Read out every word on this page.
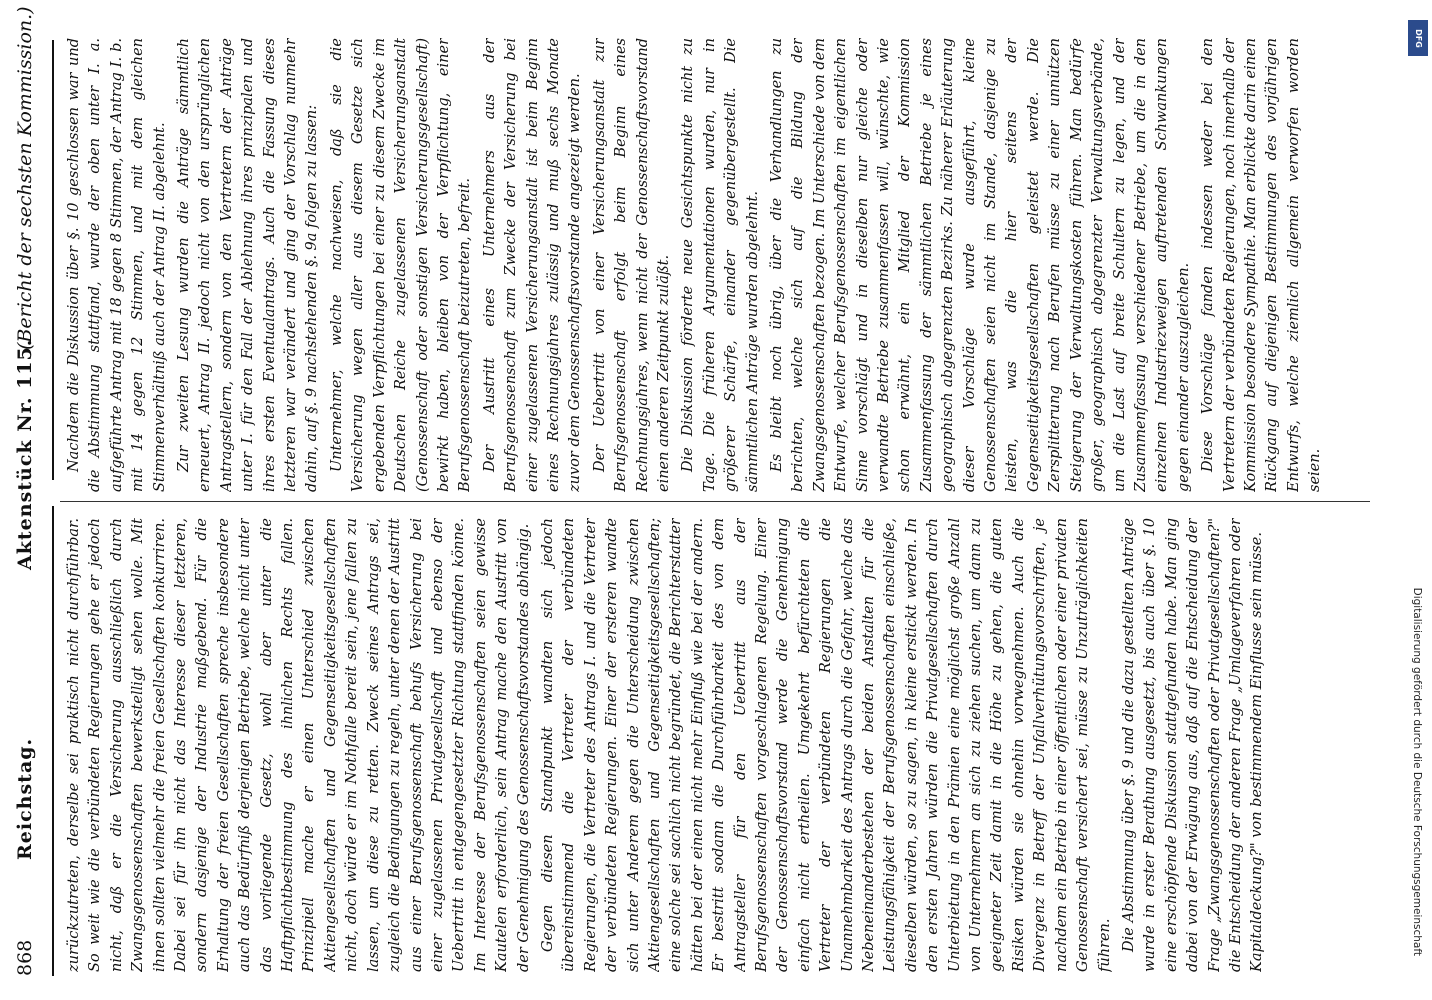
868
Reichstag.
Aktenstück Nr. 115.
(Bericht der sechsten Kommission.)

zurückzutreten, derselbe sei praktisch nicht durchführbar. So weit wie die verbündeten Regierungen gehe er jedoch nicht, daß er die Versicherung ausschließlich durch Zwangsgenossenschaften bewerkstelligt sehen wolle. Mit ihnen sollten vielmehr die freien Gesellschaften konkurriren. Dabei sei für ihn nicht das Interesse dieser letzteren, sondern dasjenige der Industrie maßgebend. Für die Erhaltung der freien Gesellschaften spreche insbesondere auch das Bedürfniß derjenigen Betriebe, welche nicht unter das vorliegende Gesetz, wohl aber unter die Haftpflichtbestimmung des ihnlichen Rechts fallen. Prinzipiell mache er einen Unterschied zwischen Aktiengesellschaften und Gegenseitigkeitsgesellschaften nicht, doch würde er im Nothfalle bereit sein, jene fallen zu lassen, um diese zu retten. Zweck seines Antrags sei, zugleich die Bedingungen zu regeln, unter denen der Austritt aus einer Berufsgenossenschaft behufs Versicherung bei einer zugelassenen Privatgesellschaft und ebenso der Uebertritt in entgegengesetzter Richtung stattfinden könne. Im Interesse der Berufsgenossenschaften seien gewisse Kautelen erforderlich, sein Antrag mache den Austritt von der Genehmigung des Genossenschaftsvorstandes abhängig. Gegen diesen Standpunkt wandten sich jedoch übereinstimmend die Vertreter der verbündeten Regierungen, die Vertreter des Antrags I. und die Vertreter der verbündeten Regierungen. Einer der ersteren wandte sich unter Anderem gegen die Unterscheidung zwischen Aktiengesellschaften und Gegenseitigkeitsgesellschaften; eine solche sei sachlich nicht begründet, die Berichterstatter hätten bei der einen nicht mehr Einfluß wie bei der andern. Er bestritt sodann die Durchführbarkeit des von dem Antragsteller für den Uebertritt aus der Berufsgenossenschaften vorgeschlagenen Regelung. Einer der Genossenschaftsvorstand werde die Genehmigung einfach nicht ertheilen. Umgekehrt befürchteten die Vertreter der verbündeten Regierungen die Unannehmbarkeit des Antrags durch die Gefahr, welche das Nebeneinanderbestehen der beiden Anstalten für die Leistungsfähigkeit der Berufsgenossenschaften einschließe, dieselben würden, so zu sagen, in kleine erstickt werden. In den ersten Jahren würden die Privatgesellschaften durch Unterbietung in den Prämien eine möglichst große Anzahl von Unternehmern an sich zu ziehen suchen, um dann zu geeigneter Zeit damit in die Höhe zu gehen, die guten Risiken würden sie ohnehin vorwegnehmen. Auch die Divergenz in Betreff der Unfallverhütungsvorschriften, je nachdem ein Betrieb in einer öffentlichen oder einer privaten Genossenschaft versichert sei, müsse zu Unzuträglichkeiten führen. Die Abstimmung über §. 9 und die dazu gestellten Anträge wurde in erster Berathung ausgesetzt, bis auch über §. 10 eine erschöpfende Diskussion stattgefunden habe. Man ging dabei von der Erwägung aus, daß auf die Entscheidung der Frage „Zwangsgenossenschaften oder Privatgesellschaften?" die Entscheidung der anderen Frage „Umlageverfahren oder Kapitaldeckung?" von bestimmendem Einflusse sein müsse.

Nachdem die Diskussion über §. 10 geschlossen war und die Abstimmung stattfand, wurde der oben unter I. a. aufgeführte Antrag mit 18 gegen 8 Stimmen, der Antrag I. b. mit 14 gegen 12 Stimmen, und mit dem gleichen Stimmenverhältniß auch der Antrag II. abgelehnt. Zur zweiten Lesung wurden die Anträge sämmtlich erneuert, Antrag II. jedoch nicht von den ursprünglichen Antragstellern, sondern von den Vertretern der Anträge unter I. für den Fall der Ablehnung ihres prinzipalen und ihres ersten Eventualantrags. Auch die Fassung dieses letzteren war verändert und ging der Vorschlag nunmehr dahin, auf §. 9 nachstehenden §. 9a folgen zu lassen: Unternehmer, welche nachweisen, daß sie die Versicherung wegen aller aus diesem Gesetze sich ergebenden Verpflichtungen bei einer zu diesem Zwecke im Deutschen Reiche zugelassenen Versicherungsanstalt (Genossenschaft oder sonstigen Versicherungsgesellschaft) bewirkt haben, bleiben von der Verpflichtung, einer Berufsgenossenschaft beizutreten, befreit. Der Austritt eines Unternehmers aus der Berufsgenossenschaft zum Zwecke der Versicherung bei einer zugelassenen Versicherungsanstalt ist beim Beginn eines Rechnungsjahres zulässig und muß sechs Monate zuvor dem Genossenschaftsvorstande angezeigt werden. Der Uebertritt von einer Versicherungsanstalt zur Berufsgenossenschaft erfolgt beim Beginn eines Rechnungsjahres, wenn nicht der Genossenschaftsvorstand einen anderen Zeitpunkt zuläßt. Die Diskussion förderte neue Gesichtspunkte nicht zu Tage. Die früheren Argumentationen wurden, nur in größerer Schärfe, einander gegenübergestellt. Die sämmtlichen Anträge wurden abgelehnt. Es bleibt noch übrig, über die Verhandlungen zu berichten, welche sich auf die Bildung der Zwangsgenossenschaften bezogen. Im Unterschiede von dem Entwurfe, welcher Berufsgenossenschaften im eigentlichen Sinne vorschlägt und in dieselben nur gleiche oder verwandte Betriebe zusammenfassen will, wünschte, wie schon erwähnt, ein Mitglied der Kommission Zusammenfassung der sämmtlichen Betriebe je eines geographisch abgegrenzten Bezirks. Zu näherer Erläuterung dieser Vorschläge wurde ausgeführt, kleine Genossenschaften seien nicht im Stande, dasjenige zu leisten, was die hier seitens der Gegenseitigkeitsgesellschaften geleistet werde. Die Zersplitterung nach Berufen müsse zu einer unnützen Steigerung der Verwaltungskosten führen. Man bedürfe großer, geographisch abgegrenzter Verwaltungsverbände, um die Last auf breite Schultern zu legen, und der Zusammenfassung verschiedener Betriebe, um die in den einzelnen Industriezweigen auftretenden Schwankungen gegen einander auszugleichen. Diese Vorschläge fanden indessen weder bei den Vertretern der verbündeten Regierungen, noch innerhalb der Kommission besondere Sympathie. Man erblickte darin einen Rückgang auf diejenigen Bestimmungen des vorjährigen Entwurfs, welche ziemlich allgemein verworfen worden seien.

Digitalisierung gefördert durch die Deutsche Forschungsgemeinschaft
DFG
